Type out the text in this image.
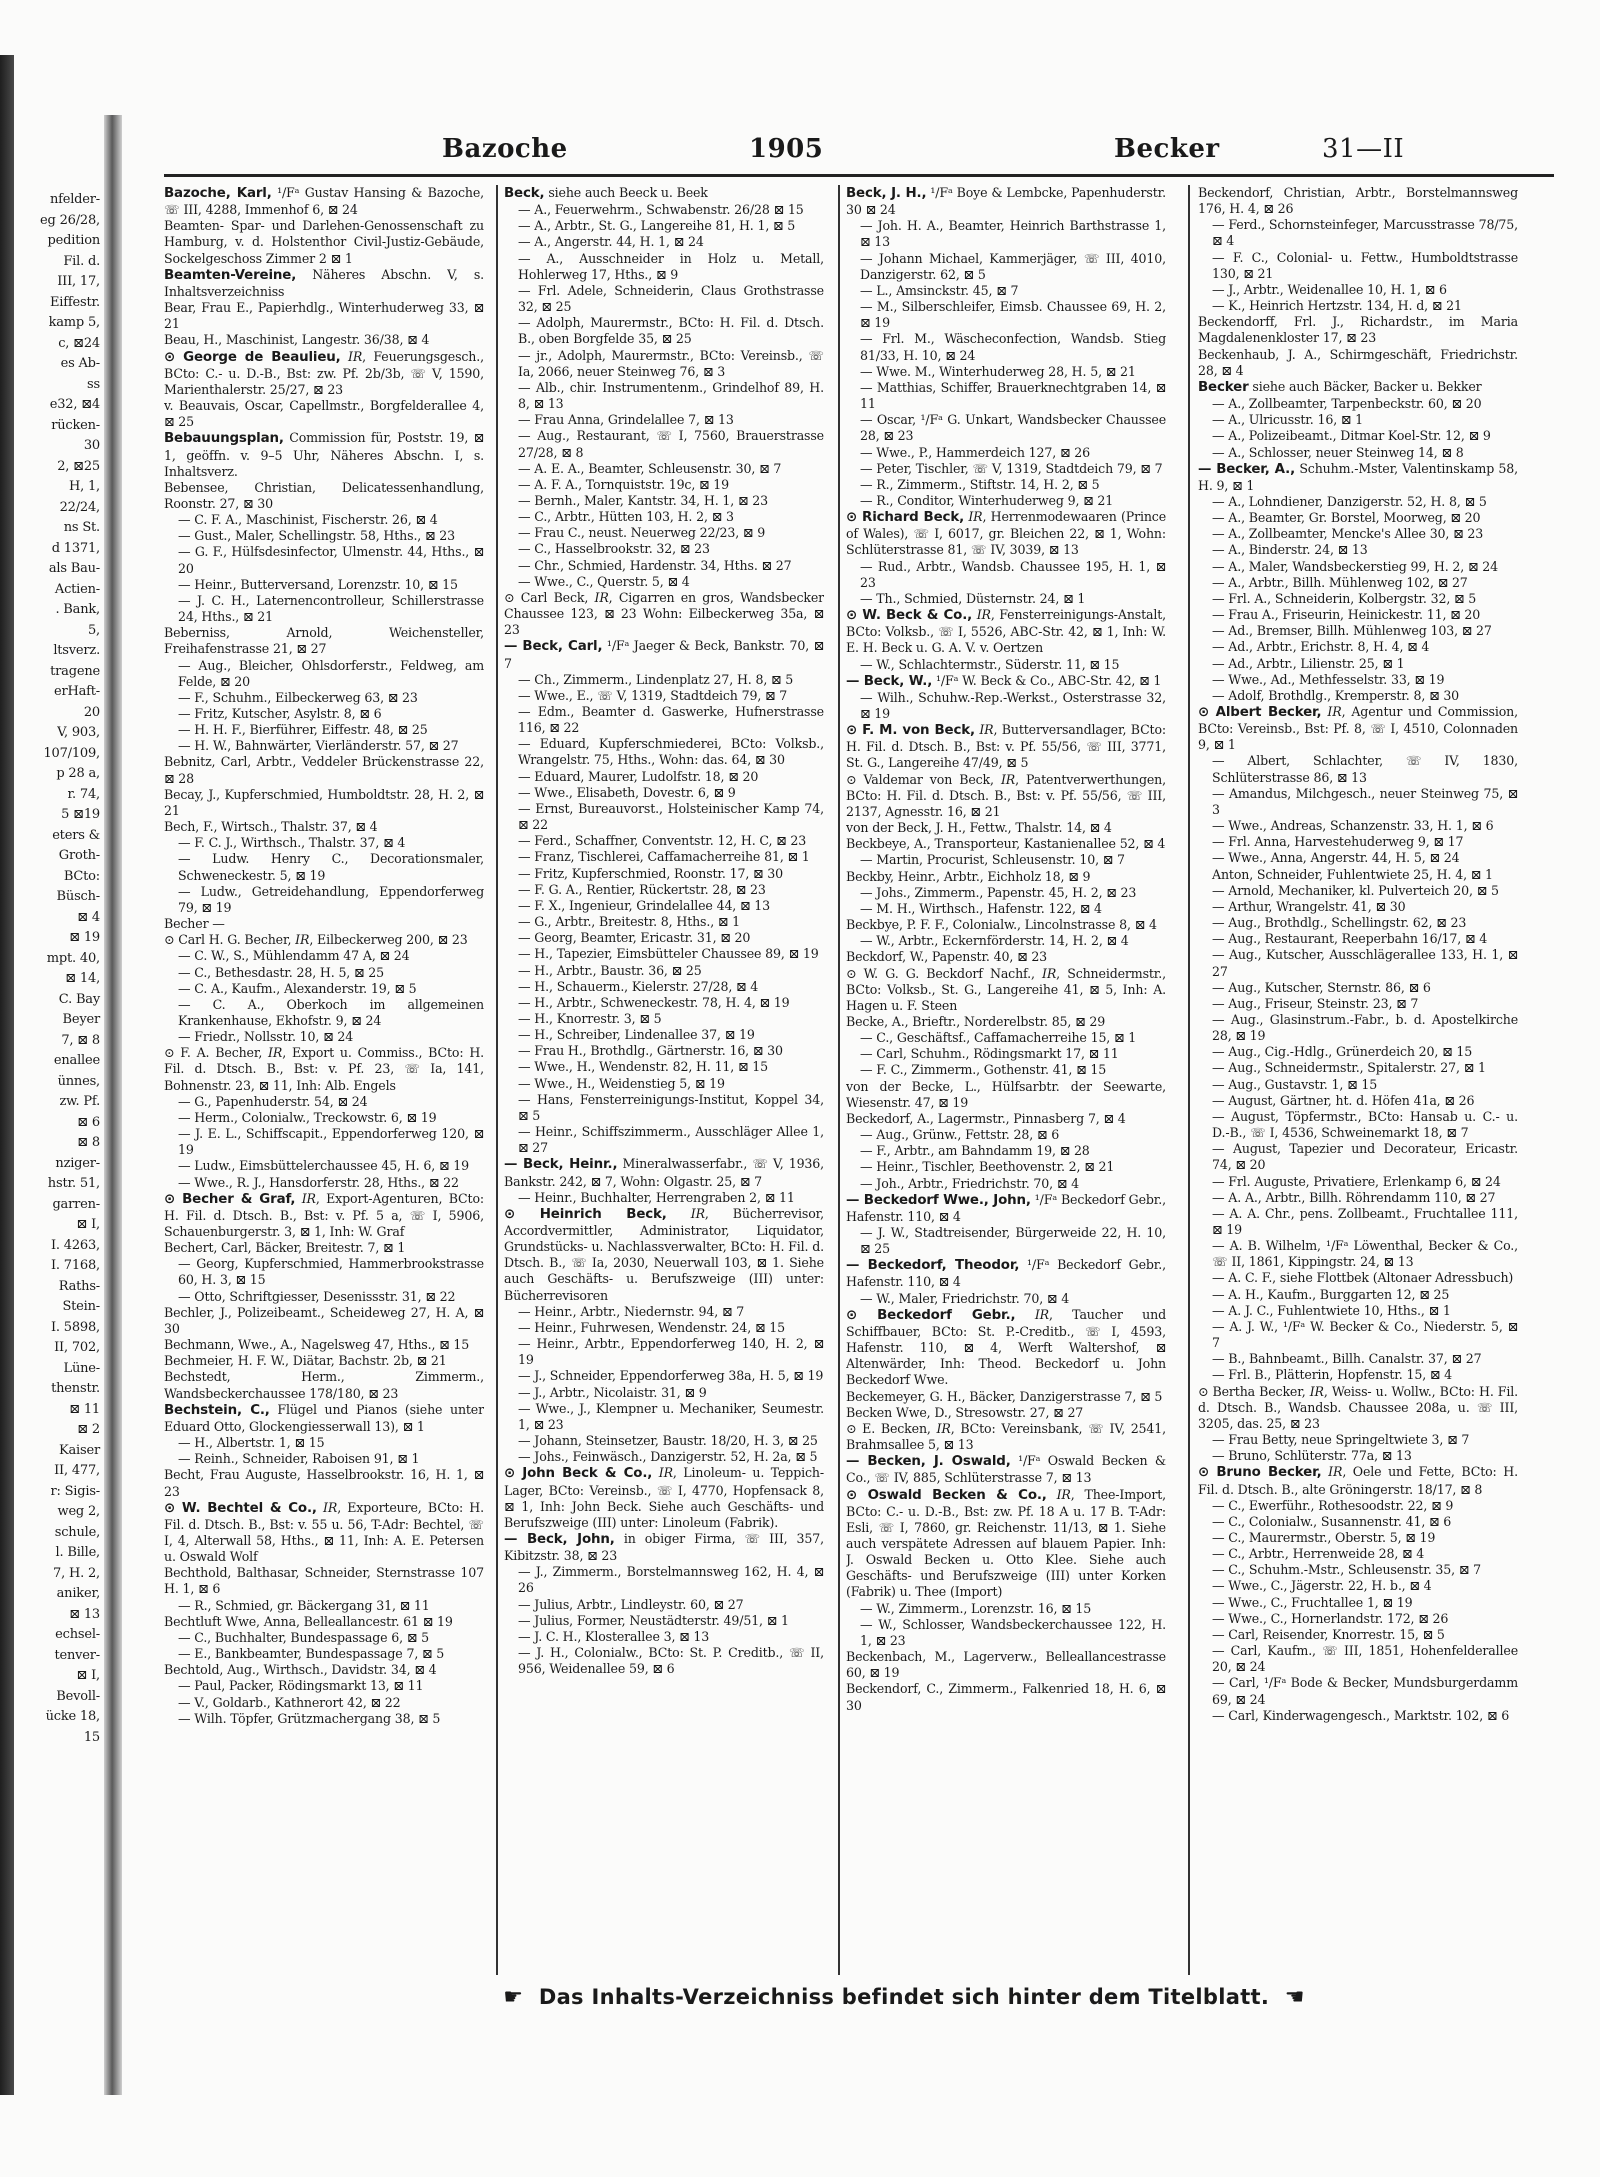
nfelder-
eg 26/28,
pedition
Fil. d.
III, 17,
Eiffestr.
kamp 5,
c, ⊠24
es Ab-
ss
e32, ⊠4
rücken-
30
2, ⊠25
H, 1,
22/24,
ns St.
d 1371,
als Bau-
Actien-
. Bank,
5,
ltsverz.
tragene
erHaft-
20
V, 903,
107/109,
p 28 a,
r. 74,
5 ⊠19
eters &
Groth-
BCto:
Büsch-
⊠ 4
⊠ 19
mpt. 40,
⊠ 14,
C. Bay
Beyer
7, ⊠ 8
enallee
ünnes,
zw. Pf.
⊠ 6
⊠ 8
nziger-
hstr. 51,
garren-
⊠ I,
I. 4263,
I. 7168,
Raths-
Stein-
I. 5898,
II, 702,
Lüne-
thenstr.
⊠ 11
⊠ 2
Kaiser
II, 477,
r: Sigis-
weg 2,
schule,
l. Bille,
7, H. 2,
aniker,
⊠ 13
echsel-
tenver-
⊠ I,
Bevoll-
ücke 18,
15
Bazoche	1905	Becker	31—II

Bazoche, Karl, ¹/Fᵃ Gustav Hansing & Bazoche, ☏ III, 4288, Immenhof 6, ⊠ 24

Beamten- Spar- und Darlehen-Genossenschaft zu Hamburg, v. d. Holstenthor Civil-Justiz-Gebäude, Sockelgeschoss Zimmer 2 ⊠ 1

Beamten-Vereine, Näheres Abschn. V, s. Inhaltsverzeichniss

Bear, Frau E., Papierhdlg., Winterhuderweg 33, ⊠ 21

Beau, H., Maschinist, Langestr. 36/38, ⊠ 4

⊙ George de Beaulieu, 𝐼𝑅, Feuerungsgesch., BCto: C.- u. D.-B., Bst: zw. Pf. 2b/3b, ☏ V, 1590, Marienthalerstr. 25/27, ⊠ 23

v. Beauvais, Oscar, Capellmstr., Borgfelderallee 4, ⊠ 25

Bebauungsplan, Commission für, Poststr. 19, ⊠ 1, geöffn. v. 9–5 Uhr, Näheres Abschn. I, s. Inhaltsverz.

Bebensee, Christian, Delicatessenhandlung, Roonstr. 27, ⊠ 30

— C. F. A., Maschinist, Fischerstr. 26, ⊠ 4

— Gust., Maler, Schellingstr. 58, Hths., ⊠ 23

— G. F., Hülfsdesinfector, Ulmenstr. 44, Hths., ⊠ 20

— Heinr., Butterversand, Lorenzstr. 10, ⊠ 15

— J. C. H., Laternencontrolleur, Schillerstrasse 24, Hths., ⊠ 21

Beberniss, Arnold, Weichensteller, Freihafenstrasse 21, ⊠ 27

— Aug., Bleicher, Ohlsdorferstr., Feldweg, am Felde, ⊠ 20

— F., Schuhm., Eilbeckerweg 63, ⊠ 23

— Fritz, Kutscher, Asylstr. 8, ⊠ 6

— H. H. F., Bierführer, Eiffestr. 48, ⊠ 25

— H. W., Bahnwärter, Vierländerstr. 57, ⊠ 27

Bebnitz, Carl, Arbtr., Veddeler Brückenstrasse 22, ⊠ 28

Becay, J., Kupferschmied, Humboldtstr. 28, H. 2, ⊠ 21

Bech, F., Wirtsch., Thalstr. 37, ⊠ 4

— F. C. J., Wirthsch., Thalstr. 37, ⊠ 4

— Ludw. Henry C., Decorationsmaler, Schweneckestr. 5, ⊠ 19

— Ludw., Getreidehandlung, Eppendorferweg 79, ⊠ 19

Becher —

⊙ Carl H. G. Becher, 𝐼𝑅, Eilbeckerweg 200, ⊠ 23

— C. W., S., Mühlendamm 47 A, ⊠ 24

— C., Bethesdastr. 28, H. 5, ⊠ 25

— C. A., Kaufm., Alexanderstr. 19, ⊠ 5

— C. A., Oberkoch im allgemeinen Krankenhause, Ekhofstr. 9, ⊠ 24

— Friedr., Nollsstr. 10, ⊠ 24

⊙ F. A. Becher, 𝐼𝑅, Export u. Commiss., BCto: H. Fil. d. Dtsch. B., Bst: v. Pf. 23, ☏ Ia, 141, Bohnenstr. 23, ⊠ 11, Inh: Alb. Engels

— G., Papenhuderstr. 54, ⊠ 24

— Herm., Colonialw., Treckowstr. 6, ⊠ 19

— J. E. L., Schiffscapit., Eppendorferweg 120, ⊠ 19

— Ludw., Eimsbüttelerchaussee 45, H. 6, ⊠ 19

— Wwe., R. J., Hansdorferstr. 28, Hths., ⊠ 22

⊙ Becher & Graf, 𝐼𝑅, Export-Agenturen, BCto: H. Fil. d. Dtsch. B., Bst: v. Pf. 5 a, ☏ I, 5906, Schauenburgerstr. 3, ⊠ 1, Inh: W. Graf

Bechert, Carl, Bäcker, Breitestr. 7, ⊠ 1

— Georg, Kupferschmied, Hammerbrookstrasse 60, H. 3, ⊠ 15

— Otto, Schriftgiesser, Desenissstr. 31, ⊠ 22

Bechler, J., Polizeibeamt., Scheideweg 27, H. A, ⊠ 30

Bechmann, Wwe., A., Nagelsweg 47, Hths., ⊠ 15

Bechmeier, H. F. W., Diätar, Bachstr. 2b, ⊠ 21

Bechstedt, Herm., Zimmerm., Wandsbeckerchaussee 178/180, ⊠ 23

Bechstein, C., Flügel und Pianos (siehe unter Eduard Otto, Glockengiesserwall 13), ⊠ 1

— H., Albertstr. 1, ⊠ 15

— Reinh., Schneider, Raboisen 91, ⊠ 1

Becht, Frau Auguste, Hasselbrookstr. 16, H. 1, ⊠ 23

⊙ W. Bechtel & Co., 𝐼𝑅, Exporteure, BCto: H. Fil. d. Dtsch. B., Bst: v. 55 u. 56, T-Adr: Bechtel, ☏ I, 4, Alterwall 58, Hths., ⊠ 11, Inh: A. E. Petersen u. Oswald Wolf

Bechthold, Balthasar, Schneider, Sternstrasse 107 H. 1, ⊠ 6

— R., Schmied, gr. Bäckergang 31, ⊠ 11

Bechtluft Wwe, Anna, Belleallancestr. 61 ⊠ 19

— C., Buchhalter, Bundespassage 6, ⊠ 5

— E., Bankbeamter, Bundespassage 7, ⊠ 5

Bechtold, Aug., Wirthsch., Davidstr. 34, ⊠ 4

— Paul, Packer, Rödingsmarkt 13, ⊠ 11

— V., Goldarb., Kathnerort 42, ⊠ 22

— Wilh. Töpfer, Grützmachergang 38, ⊠ 5

Beck, siehe auch Beeck u. Beek

— A., Feuerwehrm., Schwabenstr. 26/28 ⊠ 15

— A., Arbtr., St. G., Langereihe 81, H. 1, ⊠ 5

— A., Angerstr. 44, H. 1, ⊠ 24

— A., Ausschneider in Holz u. Metall, Hohlerweg 17, Hths., ⊠ 9

— Frl. Adele, Schneiderin, Claus Grothstrasse 32, ⊠ 25

— Adolph, Maurermstr., BCto: H. Fil. d. Dtsch. B., oben Borgfelde 35, ⊠ 25

— jr., Adolph, Maurermstr., BCto: Vereinsb., ☏ Ia, 2066, neuer Steinweg 76, ⊠ 3

— Alb., chir. Instrumentenm., Grindelhof 89, H. 8, ⊠ 13

— Frau Anna, Grindelallee 7, ⊠ 13

— Aug., Restaurant, ☏ I, 7560, Brauerstrasse 27/28, ⊠ 8

— A. E. A., Beamter, Schleusenstr. 30, ⊠ 7

— A. F. A., Tornquiststr. 19c, ⊠ 19

— Bernh., Maler, Kantstr. 34, H. 1, ⊠ 23

— C., Arbtr., Hütten 103, H. 2, ⊠ 3

— Frau C., neust. Neuerweg 22/23, ⊠ 9

— C., Hasselbrookstr. 32, ⊠ 23

— Chr., Schmied, Hardenstr. 34, Hths. ⊠ 27

— Wwe., C., Querstr. 5, ⊠ 4

⊙ Carl Beck, 𝐼𝑅, Cigarren en gros, Wandsbecker Chaussee 123, ⊠ 23 Wohn: Eilbeckerweg 35a, ⊠ 23

— Beck, Carl, ¹/Fᵃ Jaeger & Beck, Bankstr. 70, ⊠ 7

— Ch., Zimmerm., Lindenplatz 27, H. 8, ⊠ 5

— Wwe., E., ☏ V, 1319, Stadtdeich 79, ⊠ 7

— Edm., Beamter d. Gaswerke, Hufnerstrasse 116, ⊠ 22

— Eduard, Kupferschmiederei, BCto: Volksb., Wrangelstr. 75, Hths., Wohn: das. 64, ⊠ 30

— Eduard, Maurer, Ludolfstr. 18, ⊠ 20

— Wwe., Elisabeth, Dovestr. 6, ⊠ 9

— Ernst, Bureauvorst., Holsteinischer Kamp 74, ⊠ 22

— Ferd., Schaffner, Conventstr. 12, H. C, ⊠ 23

— Franz, Tischlerei, Caffamacherreihe 81, ⊠ 1

— Fritz, Kupferschmied, Roonstr. 17, ⊠ 30

— F. G. A., Rentier, Rückertstr. 28, ⊠ 23

— F. X., Ingenieur, Grindelallee 44, ⊠ 13

— G., Arbtr., Breitestr. 8, Hths., ⊠ 1

— Georg, Beamter, Ericastr. 31, ⊠ 20

— H., Tapezier, Eimsbütteler Chaussee 89, ⊠ 19

— H., Arbtr., Baustr. 36, ⊠ 25

— H., Schauerm., Kielerstr. 27/28, ⊠ 4

— H., Arbtr., Schweneckestr. 78, H. 4, ⊠ 19

— H., Knorrestr. 3, ⊠ 5

— H., Schreiber, Lindenallee 37, ⊠ 19

— Frau H., Brothdlg., Gärtnerstr. 16, ⊠ 30

— Wwe., H., Wendenstr. 82, H. 11, ⊠ 15

— Wwe., H., Weidenstieg 5, ⊠ 19

— Hans, Fensterreinigungs-Institut, Koppel 34, ⊠ 5

— Heinr., Schiffszimmerm., Ausschläger Allee 1, ⊠ 27

— Beck, Heinr., Mineralwasserfabr., ☏ V, 1936, Bankstr. 242, ⊠ 7, Wohn: Olgastr. 25, ⊠ 7

— Heinr., Buchhalter, Herrengraben 2, ⊠ 11

⊙ Heinrich Beck, 𝐼𝑅, Bücherrevisor, Accordvermittler, Administrator, Liquidator, Grundstücks- u. Nachlassverwalter, BCto: H. Fil. d. Dtsch. B., ☏ Ia, 2030, Neuerwall 103, ⊠ 1. Siehe auch Geschäfts- u. Berufszweige (III) unter: Bücherrevisoren

— Heinr., Arbtr., Niedernstr. 94, ⊠ 7

— Heinr., Fuhrwesen, Wendenstr. 24, ⊠ 15

— Heinr., Arbtr., Eppendorferweg 140, H. 2, ⊠ 19

— J., Schneider, Eppendorferweg 38a, H. 5, ⊠ 19

— J., Arbtr., Nicolaistr. 31, ⊠ 9

— Wwe., J., Klempner u. Mechaniker, Seumestr. 1, ⊠ 23

— Johann, Steinsetzer, Baustr. 18/20, H. 3, ⊠ 25

— Johs., Feinwäsch., Danzigerstr. 52, H. 2a, ⊠ 5

⊙ John Beck & Co., 𝐼𝑅, Linoleum- u. Teppich-Lager, BCto: Vereinsb., ☏ I, 4770, Hopfensack 8, ⊠ 1, Inh: John Beck. Siehe auch Geschäfts- und Berufszweige (III) unter: Linoleum (Fabrik).

— Beck, John, in obiger Firma, ☏ III, 357, Kibitzstr. 38, ⊠ 23

— J., Zimmerm., Borstelmannsweg 162, H. 4, ⊠ 26

— Julius, Arbtr., Lindleystr. 60, ⊠ 27

— Julius, Former, Neustädterstr. 49/51, ⊠ 1

— J. C. H., Klosterallee 3, ⊠ 13

— J. H., Colonialw., BCto: St. P. Creditb., ☏ II, 956, Weidenallee 59, ⊠ 6

Beck, J. H., ¹/Fᵃ Boye & Lembcke, Papenhuderstr. 30 ⊠ 24

— Joh. H. A., Beamter, Heinrich Barthstrasse 1, ⊠ 13

— Johann Michael, Kammerjäger, ☏ III, 4010, Danzigerstr. 62, ⊠ 5

— L., Amsinckstr. 45, ⊠ 7

— M., Silberschleifer, Eimsb. Chaussee 69, H. 2, ⊠ 19

— Frl. M., Wäscheconfection, Wandsb. Stieg 81/33, H. 10, ⊠ 24

— Wwe. M., Winterhuderweg 28, H. 5, ⊠ 21

— Matthias, Schiffer, Brauerknechtgraben 14, ⊠ 11

— Oscar, ¹/Fᵃ G. Unkart, Wandsbecker Chaussee 28, ⊠ 23

— Wwe., P., Hammerdeich 127, ⊠ 26

— Peter, Tischler, ☏ V, 1319, Stadtdeich 79, ⊠ 7

— R., Zimmerm., Stiftstr. 14, H. 2, ⊠ 5

— R., Conditor, Winterhuderweg 9, ⊠ 21

⊙ Richard Beck, 𝐼𝑅, Herrenmodewaaren (Prince of Wales), ☏ I, 6017, gr. Bleichen 22, ⊠ 1, Wohn: Schlüterstrasse 81, ☏ IV, 3039, ⊠ 13

— Rud., Arbtr., Wandsb. Chaussee 195, H. 1, ⊠ 23

— Th., Schmied, Düsternstr. 24, ⊠ 1

⊙ W. Beck & Co., 𝐼𝑅, Fensterreinigungs-Anstalt, BCto: Volksb., ☏ I, 5526, ABC-Str. 42, ⊠ 1, Inh: W. E. H. Beck u. G. A. V. v. Oertzen

— W., Schlachtermstr., Süderstr. 11, ⊠ 15

— Beck, W., ¹/Fᵃ W. Beck & Co., ABC-Str. 42, ⊠ 1

— Wilh., Schuhw.-Rep.-Werkst., Osterstrasse 32, ⊠ 19

⊙ F. M. von Beck, 𝐼𝑅, Butterversandlager, BCto: H. Fil. d. Dtsch. B., Bst: v. Pf. 55/56, ☏ III, 3771, St. G., Langereihe 47/49, ⊠ 5

⊙ Valdemar von Beck, 𝐼𝑅, Patentverwerthungen, BCto: H. Fil. d. Dtsch. B., Bst: v. Pf. 55/56, ☏ III, 2137, Agnesstr. 16, ⊠ 21

von der Beck, J. H., Fettw., Thalstr. 14, ⊠ 4

Beckbeye, A., Transporteur, Kastanienallee 52, ⊠ 4

— Martin, Procurist, Schleusenstr. 10, ⊠ 7

Beckby, Heinr., Arbtr., Eichholz 18, ⊠ 9

— Johs., Zimmerm., Papenstr. 45, H. 2, ⊠ 23

— M. H., Wirthsch., Hafenstr. 122, ⊠ 4

Beckbye, P. F. F., Colonialw., Lincolnstrasse 8, ⊠ 4

— W., Arbtr., Eckernförderstr. 14, H. 2, ⊠ 4

Beckdorf, W., Papenstr. 40, ⊠ 23

⊙ W. G. G. Beckdorf Nachf., 𝐼𝑅, Schneidermstr., BCto: Volksb., St. G., Langereihe 41, ⊠ 5, Inh: A. Hagen u. F. Steen

Becke, A., Brieftr., Norderelbstr. 85, ⊠ 29

— C., Geschäftsf., Caffamacherreihe 15, ⊠ 1

— Carl, Schuhm., Rödingsmarkt 17, ⊠ 11

— F. C., Zimmerm., Gothenstr. 41, ⊠ 15

von der Becke, L., Hülfsarbtr. der Seewarte, Wiesenstr. 47, ⊠ 19

Beckedorf, A., Lagermstr., Pinnasberg 7, ⊠ 4

— Aug., Grünw., Fettstr. 28, ⊠ 6

— F., Arbtr., am Bahndamm 19, ⊠ 28

— Heinr., Tischler, Beethovenstr. 2, ⊠ 21

— Joh., Arbtr., Friedrichstr. 70, ⊠ 4

— Beckedorf Wwe., John, ¹/Fᵃ Beckedorf Gebr., Hafenstr. 110, ⊠ 4

— J. W., Stadtreisender, Bürgerweide 22, H. 10, ⊠ 25

— Beckedorf, Theodor, ¹/Fᵃ Beckedorf Gebr., Hafenstr. 110, ⊠ 4

— W., Maler, Friedrichstr. 70, ⊠ 4

⊙ Beckedorf Gebr., 𝐼𝑅, Taucher und Schiffbauer, BCto: St. P.-Creditb., ☏ I, 4593, Hafenstr. 110, ⊠ 4, Werft Waltershof, ⊠ Altenwärder, Inh: Theod. Beckedorf u. John Beckedorf Wwe.

Beckemeyer, G. H., Bäcker, Danzigerstrasse 7, ⊠ 5

Becken Wwe, D., Stresowstr. 27, ⊠ 27

⊙ E. Becken, 𝐼𝑅, BCto: Vereinsbank, ☏ IV, 2541, Brahmsallee 5, ⊠ 13

— Becken, J. Oswald, ¹/Fᵃ Oswald Becken & Co., ☏ IV, 885, Schlüterstrasse 7, ⊠ 13

⊙ Oswald Becken & Co., 𝐼𝑅, Thee-Import, BCto: C.- u. D.-B., Bst: zw. Pf. 18 A u. 17 B. T-Adr: Esli, ☏ I, 7860, gr. Reichenstr. 11/13, ⊠ 1. Siehe auch verspätete Adressen auf blauem Papier. Inh: J. Oswald Becken u. Otto Klee. Siehe auch Geschäfts- und Berufszweige (III) unter Korken (Fabrik) u. Thee (Import)

— W., Zimmerm., Lorenzstr. 16, ⊠ 15

— W., Schlosser, Wandsbeckerchaussee 122, H. 1, ⊠ 23

Beckenbach, M., Lagerverw., Belleallancestrasse 60, ⊠ 19

Beckendorf, C., Zimmerm., Falkenried 18, H. 6, ⊠ 30

Beckendorf, Christian, Arbtr., Borstelmannsweg 176, H. 4, ⊠ 26

— Ferd., Schornsteinfeger, Marcusstrasse 78/75, ⊠ 4

— F. C., Colonial- u. Fettw., Humboldtstrasse 130, ⊠ 21

— J., Arbtr., Weidenallee 10, H. 1, ⊠ 6

— K., Heinrich Hertzstr. 134, H. d, ⊠ 21

Beckendorff, Frl. J., Richardstr., im Maria Magdalenenkloster 17, ⊠ 23

Beckenhaub, J. A., Schirmgeschäft, Friedrichstr. 28, ⊠ 4

Becker siehe auch Bäcker, Backer u. Bekker

— A., Zollbeamter, Tarpenbeckstr. 60, ⊠ 20

— A., Ulricusstr. 16, ⊠ 1

— A., Polizeibeamt., Ditmar Koel-Str. 12, ⊠ 9

— A., Schlosser, neuer Steinweg 14, ⊠ 8

— Becker, A., Schuhm.-Mster, Valentinskamp 58, H. 9, ⊠ 1

— A., Lohndiener, Danzigerstr. 52, H. 8, ⊠ 5

— A., Beamter, Gr. Borstel, Moorweg, ⊠ 20

— A., Zollbeamter, Mencke's Allee 30, ⊠ 23

— A., Binderstr. 24, ⊠ 13

— A., Maler, Wandsbeckerstieg 99, H. 2, ⊠ 24

— A., Arbtr., Billh. Mühlenweg 102, ⊠ 27

— Frl. A., Schneiderin, Kolbergstr. 32, ⊠ 5

— Frau A., Friseurin, Heinickestr. 11, ⊠ 20

— Ad., Bremser, Billh. Mühlenweg 103, ⊠ 27

— Ad., Arbtr., Erichstr. 8, H. 4, ⊠ 4

— Ad., Arbtr., Lilienstr. 25, ⊠ 1

— Wwe., Ad., Methfesselstr. 33, ⊠ 19

— Adolf, Brothdlg., Kremperstr. 8, ⊠ 30

⊙ Albert Becker, 𝐼𝑅, Agentur und Commission, BCto: Vereinsb., Bst: Pf. 8, ☏ I, 4510, Colonnaden 9, ⊠ 1

— Albert, Schlachter, ☏ IV, 1830, Schlüterstrasse 86, ⊠ 13

— Amandus, Milchgesch., neuer Steinweg 75, ⊠ 3

— Wwe., Andreas, Schanzenstr. 33, H. 1, ⊠ 6

— Frl. Anna, Harvestehuderweg 9, ⊠ 17

— Wwe., Anna, Angerstr. 44, H. 5, ⊠ 24

Anton, Schneider, Fuhlentwiete 25, H. 4, ⊠ 1

— Arnold, Mechaniker, kl. Pulverteich 20, ⊠ 5

— Arthur, Wrangelstr. 41, ⊠ 30

— Aug., Brothdlg., Schellingstr. 62, ⊠ 23

— Aug., Restaurant, Reeperbahn 16/17, ⊠ 4

— Aug., Kutscher, Ausschlägerallee 133, H. 1, ⊠ 27

— Aug., Kutscher, Sternstr. 86, ⊠ 6

— Aug., Friseur, Steinstr. 23, ⊠ 7

— Aug., Glasinstrum.-Fabr., b. d. Apostelkirche 28, ⊠ 19

— Aug., Cig.-Hdlg., Grünerdeich 20, ⊠ 15

— Aug., Schneidermstr., Spitalerstr. 27, ⊠ 1

— Aug., Gustavstr. 1, ⊠ 15

— August, Gärtner, ht. d. Höfen 41a, ⊠ 26

— August, Töpfermstr., BCto: Hansab u. C.- u. D.-B., ☏ I, 4536, Schweinemarkt 18, ⊠ 7

— August, Tapezier und Decorateur, Ericastr. 74, ⊠ 20

— Frl. Auguste, Privatiere, Erlenkamp 6, ⊠ 24

— A. A., Arbtr., Billh. Röhrendamm 110, ⊠ 27

— A. A. Chr., pens. Zollbeamt., Fruchtallee 111, ⊠ 19

— A. B. Wilhelm, ¹/Fᵃ Löwenthal, Becker & Co., ☏ II, 1861, Kippingstr. 24, ⊠ 13

— A. C. F., siehe Flottbek (Altonaer Adressbuch)

— A. H., Kaufm., Burggarten 12, ⊠ 25

— A. J. C., Fuhlentwiete 10, Hths., ⊠ 1

— A. J. W., ¹/Fᵃ W. Becker & Co., Niederstr. 5, ⊠ 7

— B., Bahnbeamt., Billh. Canalstr. 37, ⊠ 27

— Frl. B., Plätterin, Hopfenstr. 15, ⊠ 4

⊙ Bertha Becker, 𝐼𝑅, Weiss- u. Wollw., BCto: H. Fil. d. Dtsch. B., Wandsb. Chaussee 208a, u. ☏ III, 3205, das. 25, ⊠ 23

— Frau Betty, neue Springeltwiete 3, ⊠ 7

— Bruno, Schlüterstr. 77a, ⊠ 13

⊙ Bruno Becker, 𝐼𝑅, Oele und Fette, BCto: H. Fil. d. Dtsch. B., alte Gröningerstr. 18/17, ⊠ 8

— C., Ewerführ., Rothesoodstr. 22, ⊠ 9

— C., Colonialw., Susannenstr. 41, ⊠ 6

— C., Maurermstr., Oberstr. 5, ⊠ 19

— C., Arbtr., Herrenweide 28, ⊠ 4

— C., Schuhm.-Mstr., Schleusenstr. 35, ⊠ 7

— Wwe., C., Jägerstr. 22, H. b., ⊠ 4

— Wwe., C., Fruchtallee 1, ⊠ 19

— Wwe., C., Hornerlandstr. 172, ⊠ 26

— Carl, Reisender, Knorrestr. 15, ⊠ 5

— Carl, Kaufm., ☏ III, 1851, Hohenfelderallee 20, ⊠ 24

— Carl, ¹/Fᵃ Bode & Becker, Mundsburgerdamm 69, ⊠ 24

— Carl, Kinderwagengesch., Marktstr. 102, ⊠ 6

☛ Das Inhalts-Verzeichniss befindet sich hinter dem Titelblatt. ☚
